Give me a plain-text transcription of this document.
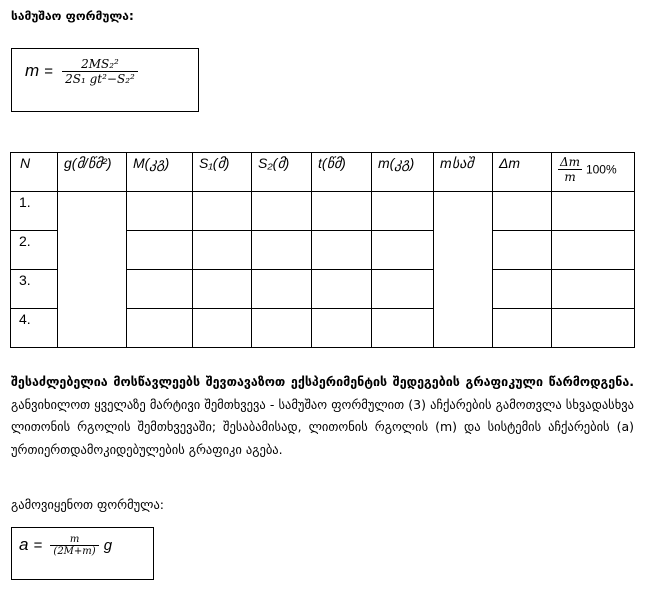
სამუშაო ფორმულა:
$m = \frac{\text{2MS₂²}}{\text{2S₁ gt²−S₂²}}$
N	g(მ/წმ²)	M(კგ)	S₁(მ)	S₂(მ)	t(წმ)	m(კგ)	mსაშ	Δm	$\frac{\Delta m}{m} 100\%$
1.									
2.									
3.									
4.									
შესაძლებელია მოსწავლეებს შევთავაზოთ ექსპერიმენტის შედეგების გრაფიკული წარმოდგენა. განვიხილოთ ყველაზე მარტივი შემთხვევა - სამუშაო ფორმულით (3) აჩქარების გამოთვლა სხვადასხვა ლითონის რგოლის შემთხვევაში; შესაბამისად, ლითონის რგოლის (m) და სისტემის აჩქარების (a) ურთიერთდამოკიდებულების გრაფიკი აგება.
გამოვიყენოთ ფორმულა:
$a = \frac{m}{(2M+m)}$ g
